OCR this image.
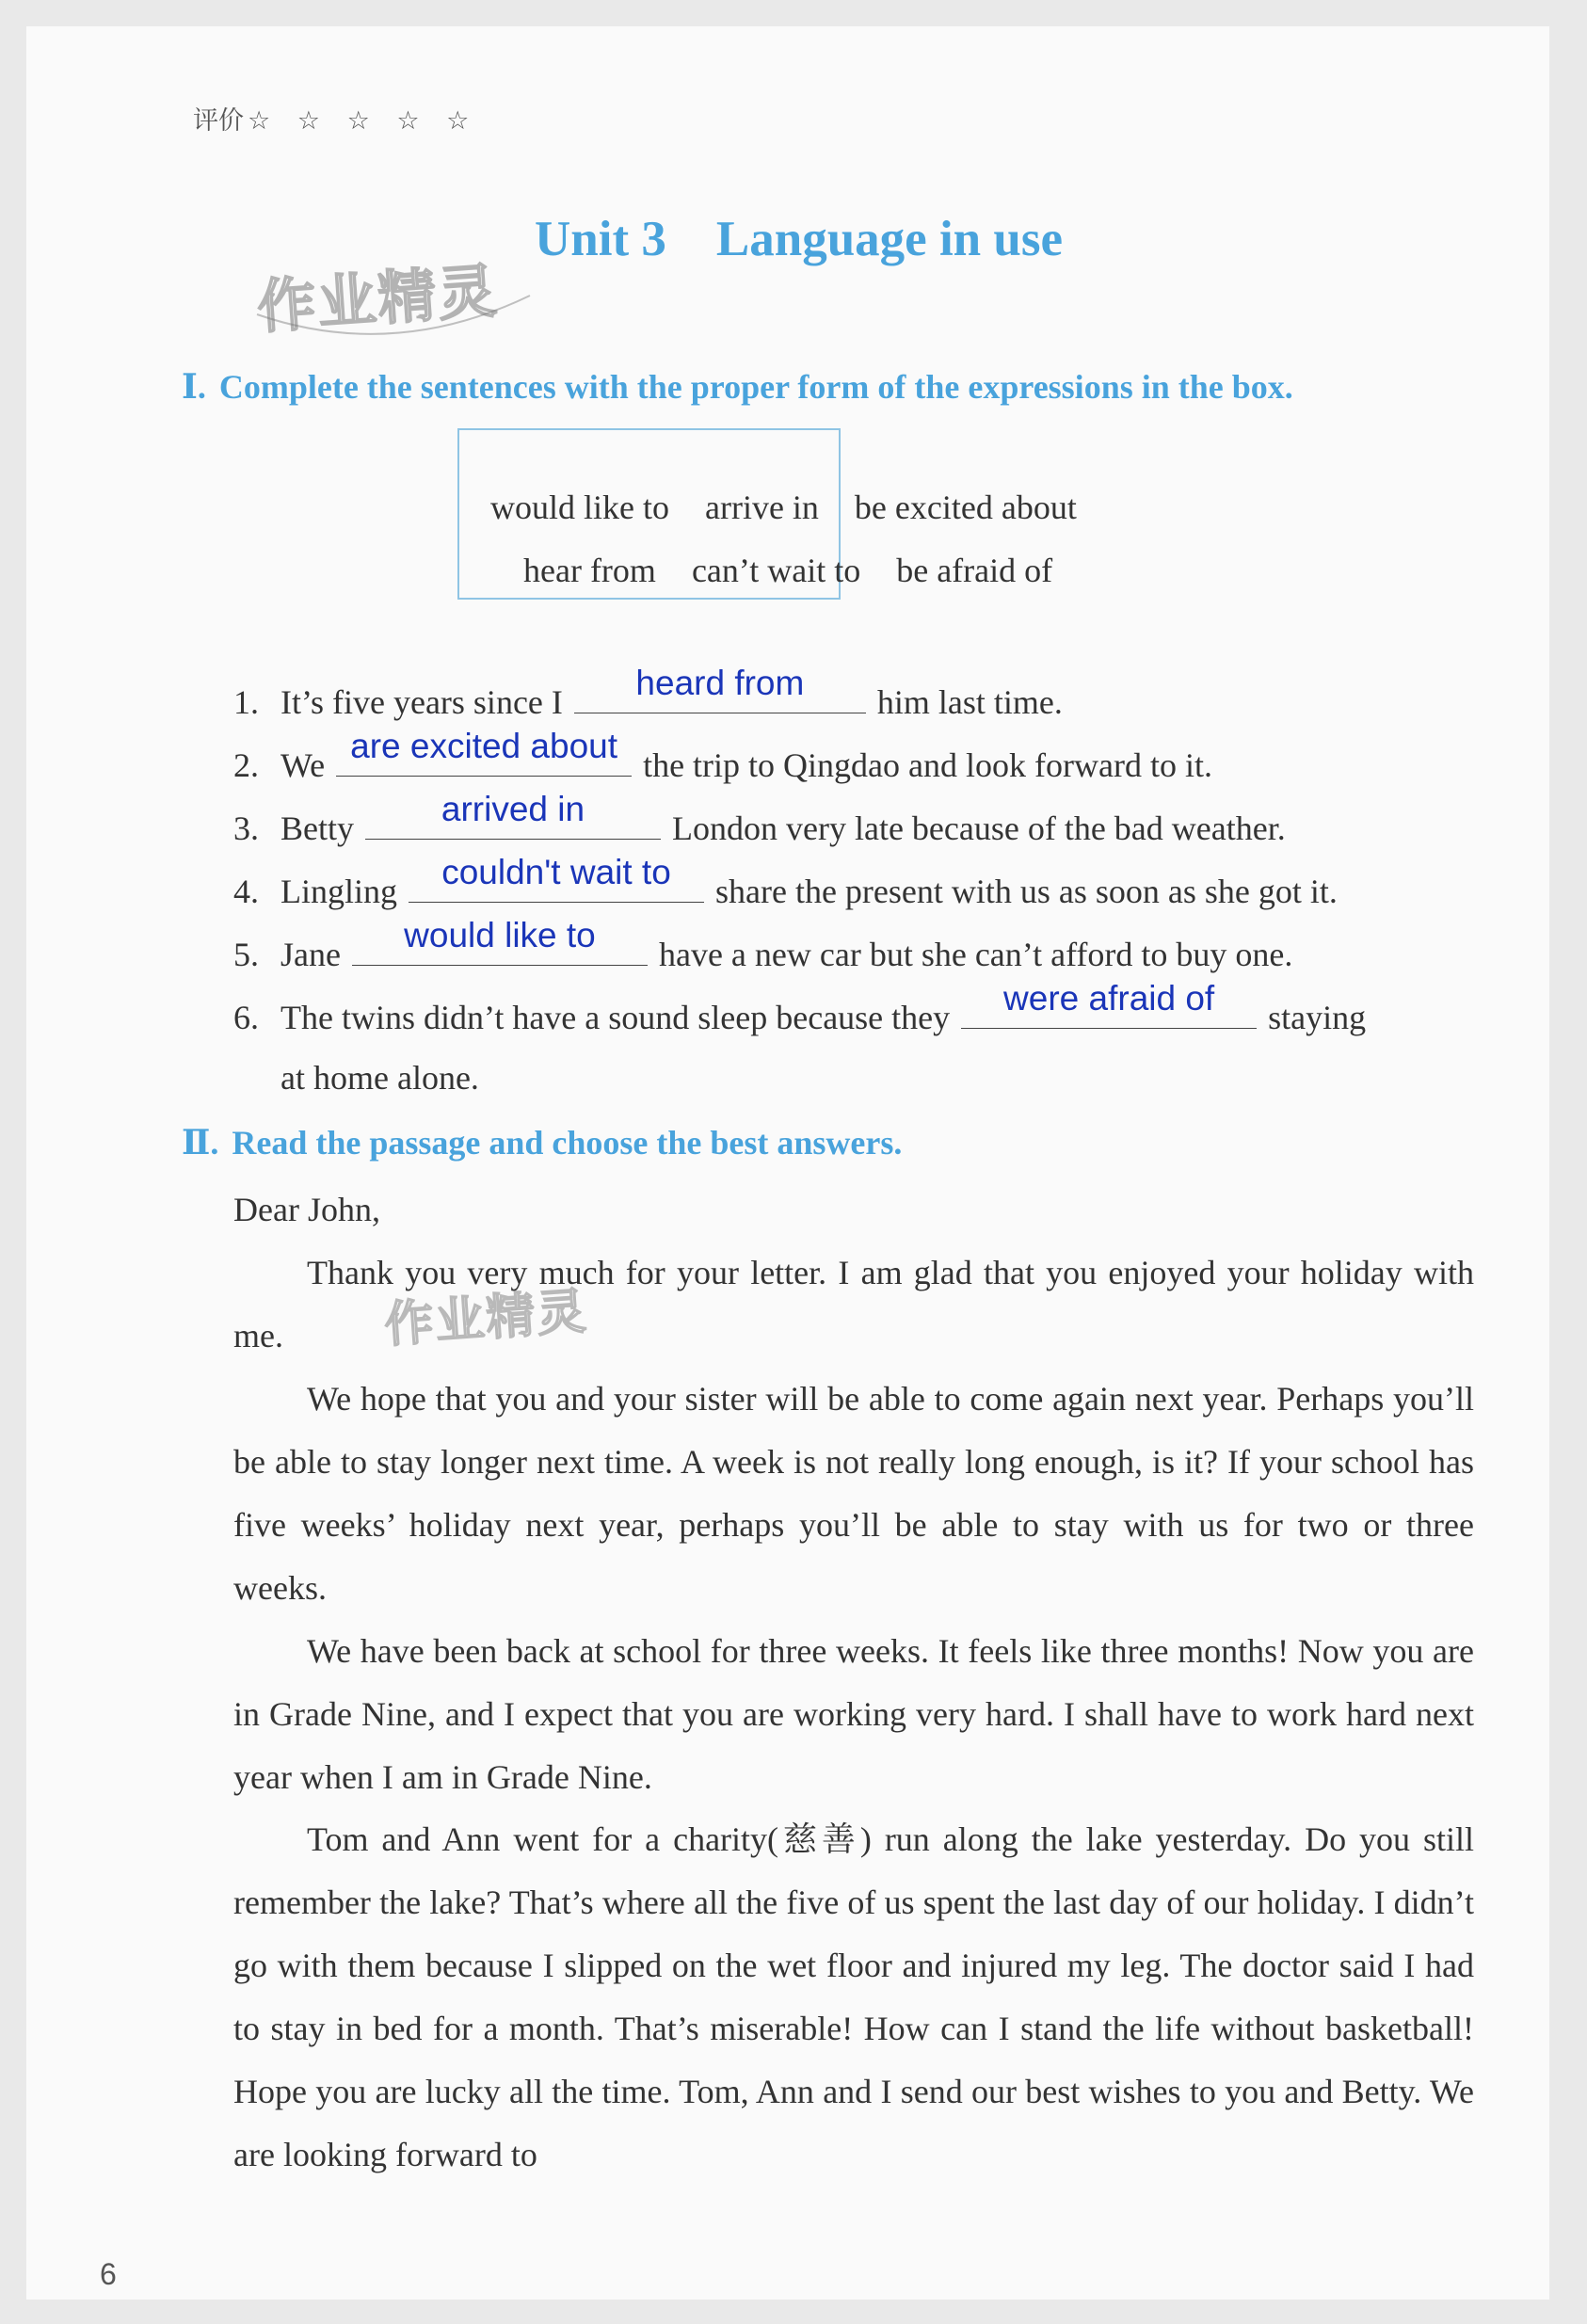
评价 ☆ ☆ ☆ ☆ ☆
作业精灵
Unit 3    Language in use
Ⅰ. Complete the sentences with the proper form of the expressions in the box.
would like to arrive in be excited about
hear from can’t wait to be afraid of
1. It’s five years since I	heard from	him last time.
2. We are excited about the trip to Qingdao and look forward to it.
3. Betty	arrived in	London very late because of the bad weather.
4. Lingling	couldn't wait to	share the present with us as soon as she got it.
5. Jane	would like to	have a new car but she can’t afford to buy one.
6. The twins didn’t have a sound sleep because they	were afraid of	staying
at home alone.
Ⅱ. Read the passage and choose the best answers.
Dear John,
Thank you very much for your letter. I am glad that you enjoyed your holiday with me.	作业精灵
We hope that you and your sister will be able to come again next year. Perhaps you’ll be able to stay longer next time. A week is not really long enough, is it? If your school has five weeks’ holiday next year, perhaps you’ll be able to stay with us for two or three weeks.
We have been back at school for three weeks. It feels like three months! Now you are in Grade Nine, and I expect that you are working very hard. I shall have to work hard next year when I am in Grade Nine.
Tom and Ann went for a charity(慈善) run along the lake yesterday. Do you still remember the lake? That’s where all the five of us spent the last day of our holiday. I didn’t go with them because I slipped on the wet floor and injured my leg. The doctor said I had to stay in bed for a month. That’s miserable! How can I stand the life without basketball! Hope you are lucky all the time. Tom, Ann and I send our best wishes to you and Betty. We are looking forward to
6
